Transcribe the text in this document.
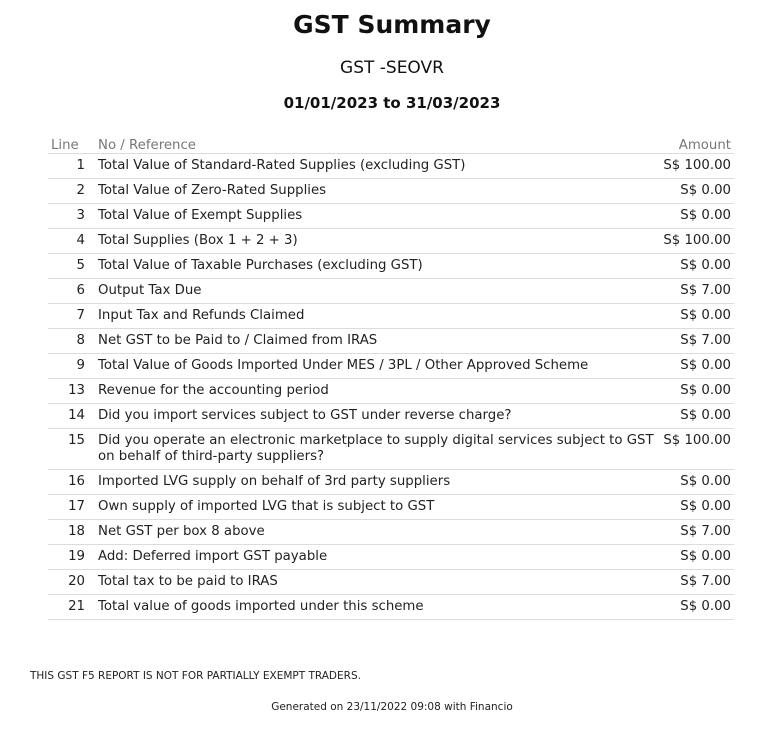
GST Summary
GST -SEOVR
01/01/2023 to 31/03/2023
Line	No / Reference	Amount
1	Total Value of Standard-Rated Supplies (excluding GST)	S$ 100.00
2	Total Value of Zero-Rated Supplies	S$ 0.00
3	Total Value of Exempt Supplies	S$ 0.00
4	Total Supplies (Box 1 + 2 + 3)	S$ 100.00
5	Total Value of Taxable Purchases (excluding GST)	S$ 0.00
6	Output Tax Due	S$ 7.00
7	Input Tax and Refunds Claimed	S$ 0.00
8	Net GST to be Paid to / Claimed from IRAS	S$ 7.00
9	Total Value of Goods Imported Under MES / 3PL / Other Approved Scheme	S$ 0.00
13	Revenue for the accounting period	S$ 0.00
14	Did you import services subject to GST under reverse charge?	S$ 0.00
15	Did you operate an electronic marketplace to supply digital services subject to GST on behalf of third-party suppliers?	S$ 100.00
16	Imported LVG supply on behalf of 3rd party suppliers	S$ 0.00
17	Own supply of imported LVG that is subject to GST	S$ 0.00
18	Net GST per box 8 above	S$ 7.00
19	Add: Deferred import GST payable	S$ 0.00
20	Total tax to be paid to IRAS	S$ 7.00
21	Total value of goods imported under this scheme	S$ 0.00
THIS GST F5 REPORT IS NOT FOR PARTIALLY EXEMPT TRADERS.
Generated on 23/11/2022 09:08 with Financio
